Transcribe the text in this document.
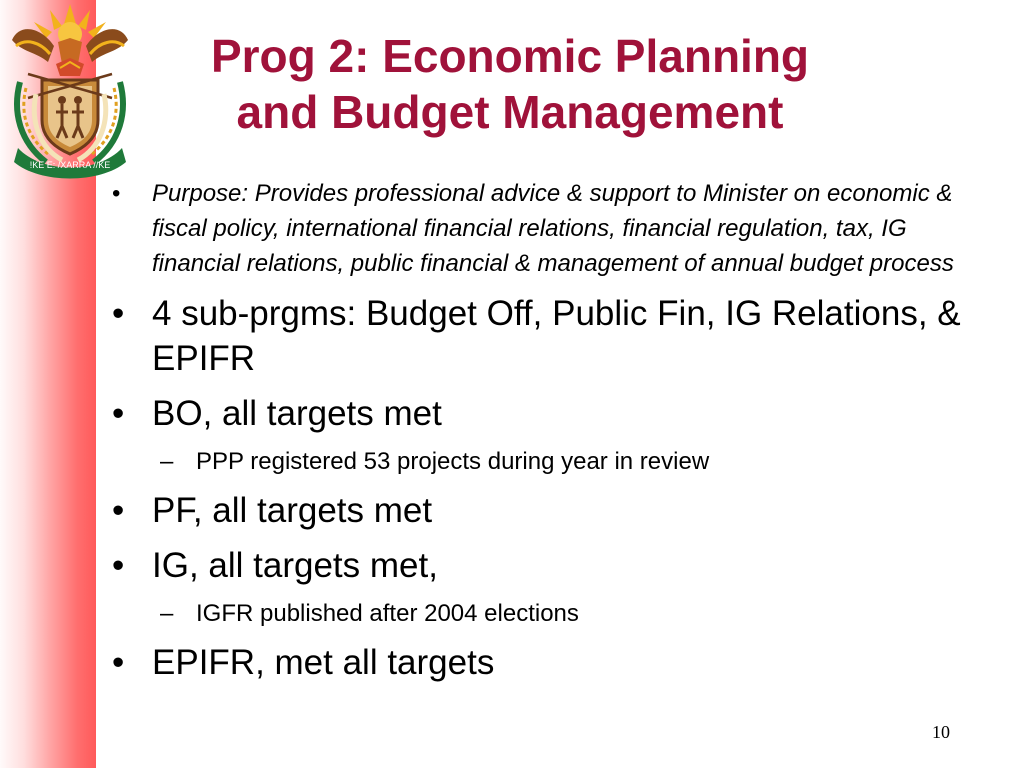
!KE E: /XARRA //KE
Prog 2: Economic Planning
and Budget Management
• Purpose: Provides professional advice & support to Minister on economic & fiscal policy, international financial relations, financial regulation, tax, IG financial relations, public financial & management of annual budget process
• 4 sub-prgms: Budget Off, Public Fin, IG Relations, & EPIFR
• BO, all targets met
– PPP registered 53 projects during year in review
• PF, all targets met
• IG, all targets met,
– IGFR published after 2004 elections
• EPIFR, met all targets
10
